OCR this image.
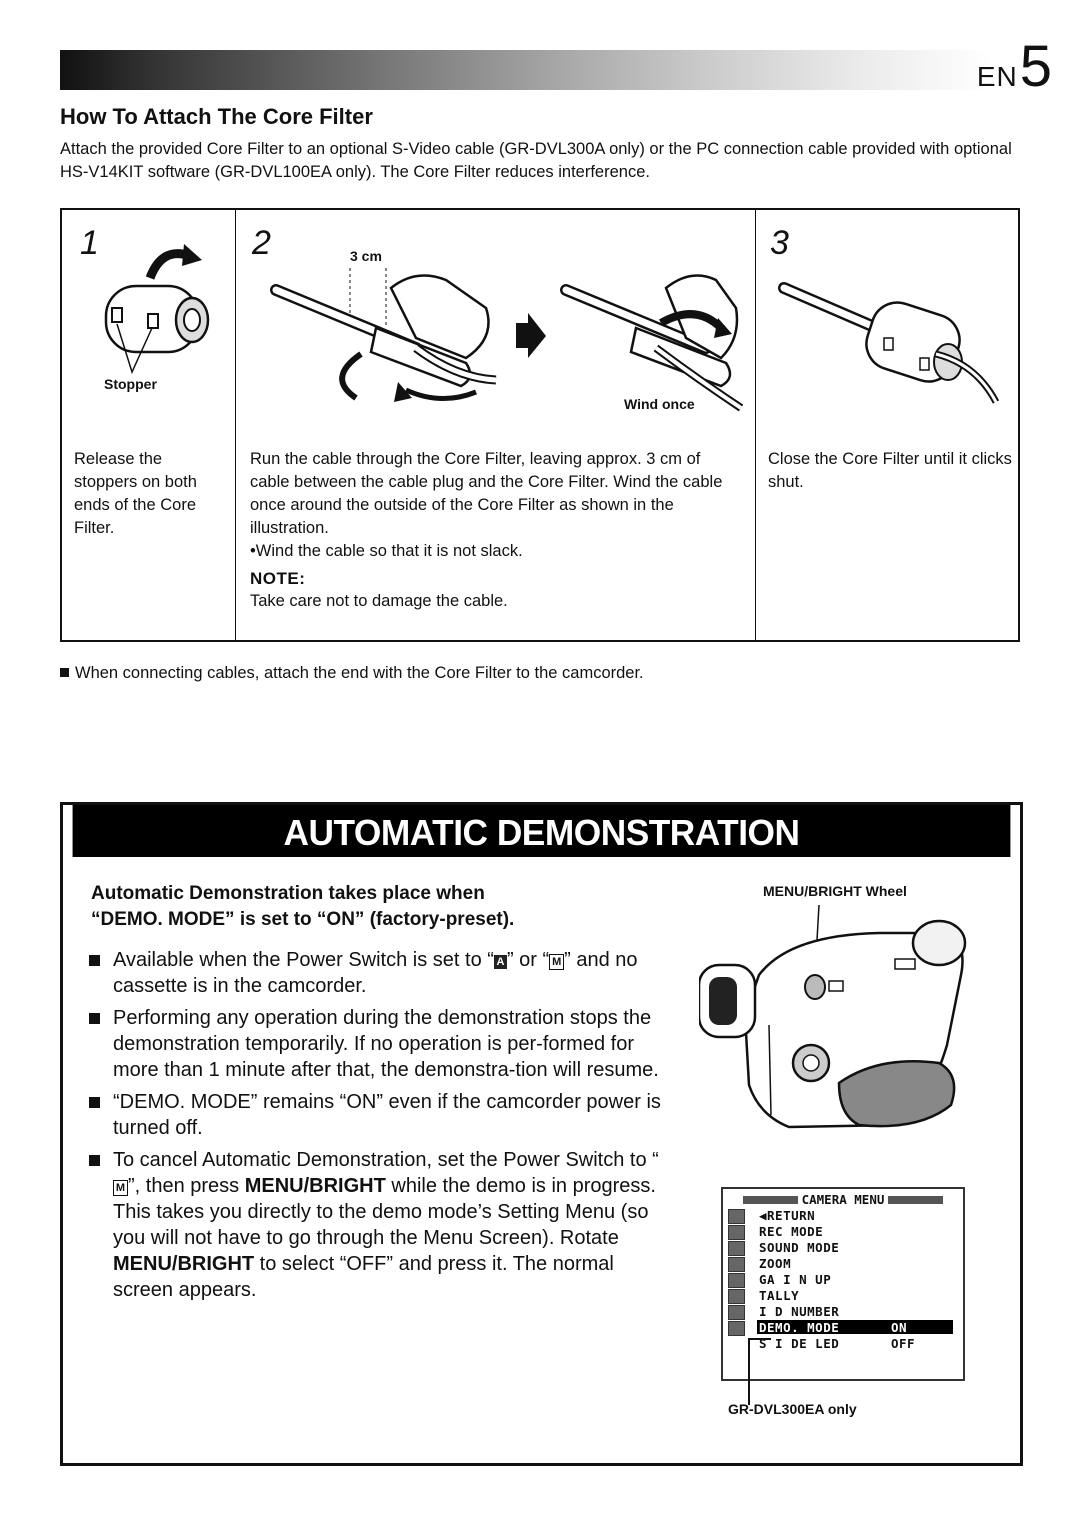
EN5
How To Attach The Core Filter

Attach the provided Core Filter to an optional S-Video cable (GR-DVL300A only) or the PC connection cable provided with optional HS-V14KIT software (GR-DVL100EA only). The Core Filter reduces interference.

1
Stopper
Release the stoppers on both ends of the Core Filter.
2	3 cm
Wind once
Run the cable through the Core Filter, leaving approx. 3 cm of cable between the cable plug and the Core Filter. Wind the cable once around the outside of the Core Filter as shown in the illustration.
•Wind the cable so that it is not slack.
NOTE:
Take care not to damage the cable.
3
Close the Core Filter until it clicks shut.
When connecting cables, attach the end with the Core Filter to the camcorder.
AUTOMATIC DEMONSTRATION
Automatic Demonstration takes place when
“DEMO. MODE” is set to “ON” (factory-preset).
Available when the Power Switch is set to “ A ” or “ M ” and no cassette is in the camcorder.
Performing any operation during the demonstration stops the demonstration temporarily. If no operation is per-formed for more than 1 minute after that, the demonstra-tion will resume.
“DEMO. MODE” remains “ON” even if the camcorder power is turned off.
To cancel Automatic Demonstration, set the Power Switch to “M ”, then press MENU/BRIGHT while the demo is in progress. This takes you directly to the demo mode’s Setting Menu (so you will not have to go through the Menu Screen). Rotate MENU/BRIGHT to select “OFF” and press it. The normal screen appears.
MENU/BRIGHT Wheel
CAMERA MENU
◀RETURN
REC MODE
SOUND MODE
ZOOM
GA I N UP
TALLY
I D NUMBER
DEMO. MODE	ON
S I DE LED	OFF
GR-DVL300EA only
